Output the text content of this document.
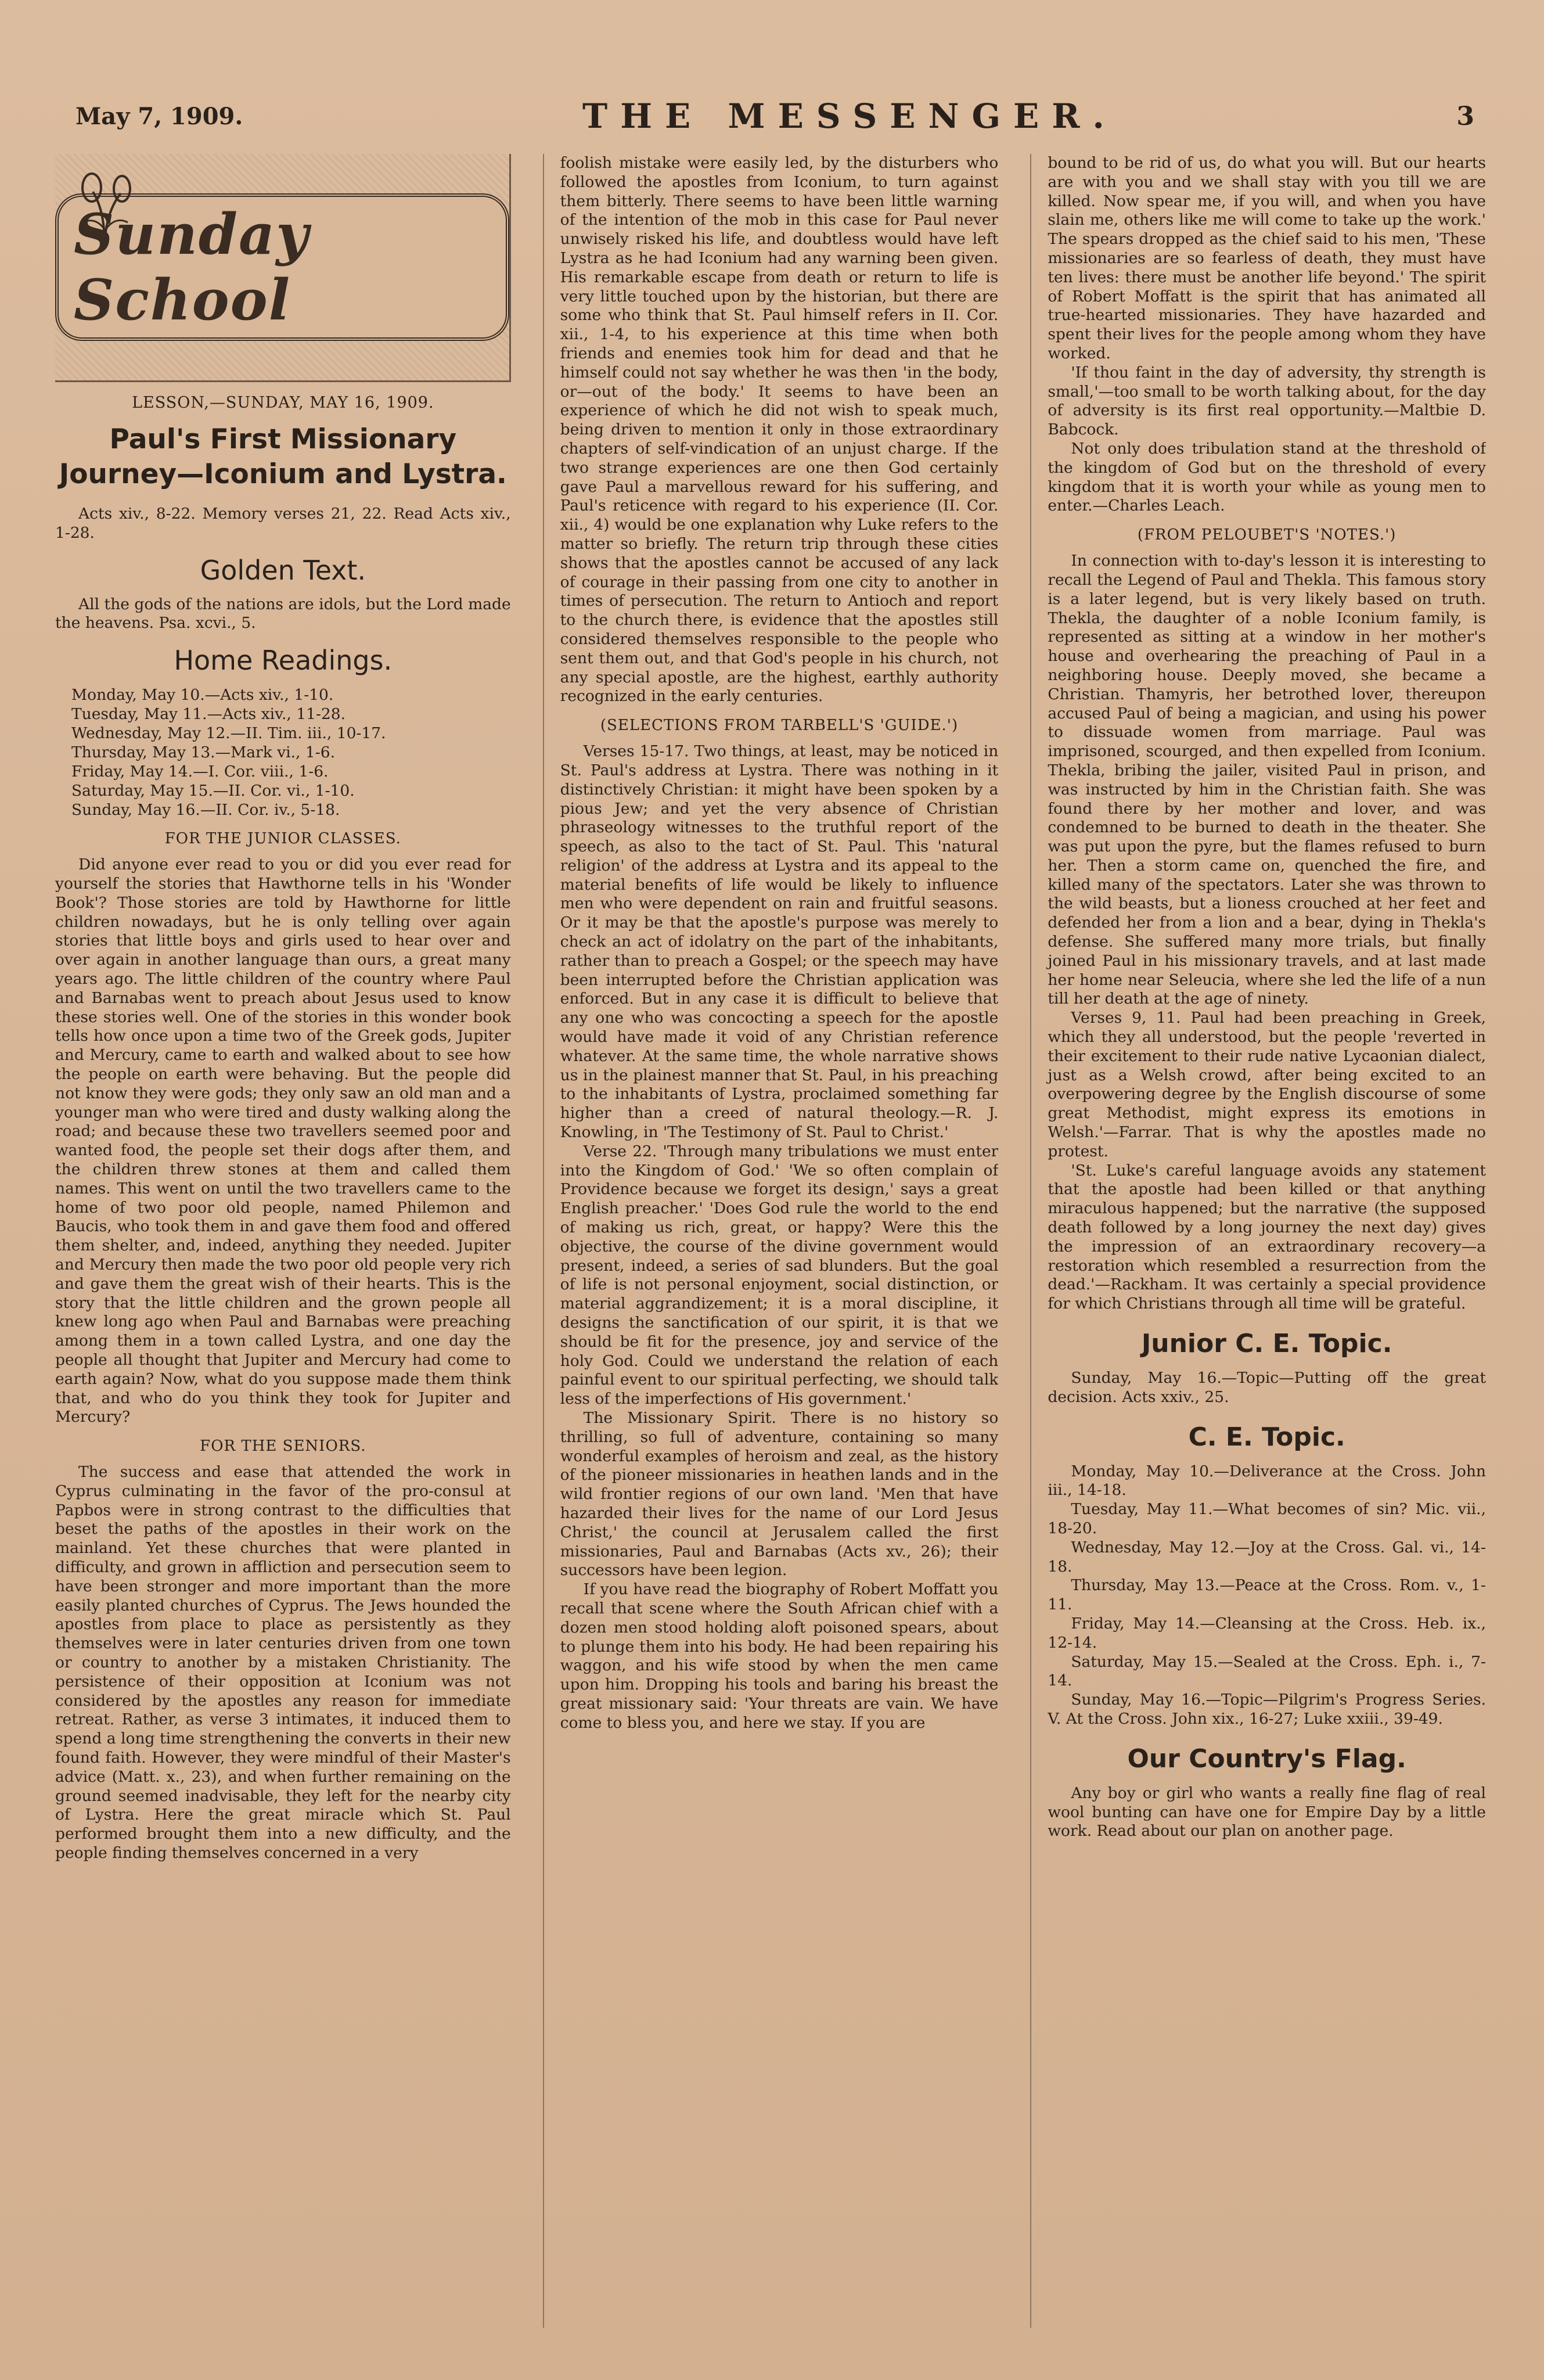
May 7, 1909.	THE MESSENGER.	3
Sunday School
LESSON,—SUNDAY, MAY 16, 1909.
Paul's First Missionary Journey—Iconium and Lystra.

Acts xiv., 8-22. Memory verses 21, 22. Read Acts xiv., 1-28.

Golden Text.

All the gods of the nations are idols, but the Lord made the heavens. Psa. xcvi., 5.

Home Readings.
Monday, May 10.—Acts xiv., 1-10.
Tuesday, May 11.—Acts xiv., 11-28.
Wednesday, May 12.—II. Tim. iii., 10-17.
Thursday, May 13.—Mark vi., 1-6.
Friday, May 14.—I. Cor. viii., 1-6.
Saturday, May 15.—II. Cor. vi., 1-10.
Sunday, May 16.—II. Cor. iv., 5-18.
FOR THE JUNIOR CLASSES.

Did anyone ever read to you or did you ever read for yourself the stories that Hawthorne tells in his 'Wonder Book'? Those stories are told by Hawthorne for little children nowadays, but he is only telling over again stories that little boys and girls used to hear over and over again in another language than ours, a great many years ago. The little children of the country where Paul and Barnabas went to preach about Jesus used to know these stories well. One of the stories in this wonder book tells how once upon a time two of the Greek gods, Jupiter and Mercury, came to earth and walked about to see how the people on earth were behaving. But the people did not know they were gods; they only saw an old man and a younger man who were tired and dusty walking along the road; and because these two travellers seemed poor and wanted food, the people set their dogs after them, and the children threw stones at them and called them names. This went on until the two travellers came to the home of two poor old people, named Philemon and Baucis, who took them in and gave them food and offered them shelter, and, indeed, anything they needed. Jupiter and Mercury then made the two poor old people very rich and gave them the great wish of their hearts. This is the story that the little children and the grown people all knew long ago when Paul and Barnabas were preaching among them in a town called Lystra, and one day the people all thought that Jupiter and Mercury had come to earth again? Now, what do you suppose made them think that, and who do you think they took for Jupiter and Mercury?

FOR THE SENIORS.

The success and ease that attended the work in Cyprus culminating in the favor of the pro-consul at Papbos were in strong contrast to the difficulties that beset the paths of the apostles in their work on the mainland. Yet these churches that were planted in difficulty, and grown in affliction and persecution seem to have been stronger and more important than the more easily planted churches of Cyprus. The Jews hounded the apostles from place to place as persistently as they themselves were in later centuries driven from one town or country to another by a mistaken Christianity. The persistence of their opposition at Iconium was not considered by the apostles any reason for immediate retreat. Rather, as verse 3 intimates, it induced them to spend a long time strengthening the converts in their new found faith. However, they were mindful of their Master's advice (Matt. x., 23), and when further remaining on the ground seemed inadvisable, they left for the nearby city of Lystra. Here the great miracle which St. Paul performed brought them into a new difficulty, and the people finding themselves concerned in a very

foolish mistake were easily led, by the disturbers who followed the apostles from Iconium, to turn against them bitterly. There seems to have been little warning of the intention of the mob in this case for Paul never unwisely risked his life, and doubtless would have left Lystra as he had Iconium had any warning been given. His remarkable escape from death or return to life is very little touched upon by the historian, but there are some who think that St. Paul himself refers in II. Cor. xii., 1-4, to his experience at this time when both friends and enemies took him for dead and that he himself could not say whether he was then 'in the body, or—out of the body.' It seems to have been an experience of which he did not wish to speak much, being driven to mention it only in those extraordinary chapters of self-vindication of an unjust charge. If the two strange experiences are one then God certainly gave Paul a marvellous reward for his suffering, and Paul's reticence with regard to his experience (II. Cor. xii., 4) would be one explanation why Luke refers to the matter so briefly. The return trip through these cities shows that the apostles cannot be accused of any lack of courage in their passing from one city to another in times of persecution. The return to Antioch and report to the church there, is evidence that the apostles still considered themselves responsible to the people who sent them out, and that God's people in his church, not any special apostle, are the highest, earthly authority recognized in the early centuries.

(SELECTIONS FROM TARBELL'S 'GUIDE.')

Verses 15-17. Two things, at least, may be noticed in St. Paul's address at Lystra. There was nothing in it distinctively Christian: it might have been spoken by a pious Jew; and yet the very absence of Christian phraseology witnesses to the truthful report of the speech, as also to the tact of St. Paul. This 'natural religion' of the address at Lystra and its appeal to the material benefits of life would be likely to influence men who were dependent on rain and fruitful seasons. Or it may be that the apostle's purpose was merely to check an act of idolatry on the part of the inhabitants, rather than to preach a Gospel; or the speech may have been interrupted before the Christian application was enforced. But in any case it is difficult to believe that any one who was concocting a speech for the apostle would have made it void of any Christian reference whatever. At the same time, the whole narrative shows us in the plainest manner that St. Paul, in his preaching to the inhabitants of Lystra, proclaimed something far higher than a creed of natural theology.—R. J. Knowling, in 'The Testimony of St. Paul to Christ.'

Verse 22. 'Through many tribulations we must enter into the Kingdom of God.' 'We so often complain of Providence because we forget its design,' says a great English preacher.' 'Does God rule the world to the end of making us rich, great, or happy? Were this the objective, the course of the divine government would present, indeed, a series of sad blunders. But the goal of life is not personal enjoyment, social distinction, or material aggrandizement; it is a moral discipline, it designs the sanctification of our spirit, it is that we should be fit for the presence, joy and service of the holy God. Could we understand the relation of each painful event to our spiritual perfecting, we should talk less of the imperfections of His government.'

The Missionary Spirit. There is no history so thrilling, so full of adventure, containing so many wonderful examples of heroism and zeal, as the history of the pioneer missionaries in heathen lands and in the wild frontier regions of our own land. 'Men that have hazarded their lives for the name of our Lord Jesus Christ,' the council at Jerusalem called the first missionaries, Paul and Barnabas (Acts xv., 26); their successors have been legion.

If you have read the biography of Robert Moffatt you recall that scene where the South African chief with a dozen men stood holding aloft poisoned spears, about to plunge them into his body. He had been repairing his waggon, and his wife stood by when the men came upon him. Dropping his tools and baring his breast the great missionary said: 'Your threats are vain. We have come to bless you, and here we stay. If you are

bound to be rid of us, do what you will. But our hearts are with you and we shall stay with you till we are killed. Now spear me, if you will, and when you have slain me, others like me will come to take up the work.' The spears dropped as the chief said to his men, 'These missionaries are so fearless of death, they must have ten lives: there must be another life beyond.' The spirit of Robert Moffatt is the spirit that has animated all true-hearted missionaries. They have hazarded and spent their lives for the people among whom they have worked.

'If thou faint in the day of adversity, thy strength is small,'—too small to be worth talking about, for the day of adversity is its first real opportunity.—Maltbie D. Babcock.

Not only does tribulation stand at the threshold of the kingdom of God but on the threshold of every kingdom that it is worth your while as young men to enter.—Charles Leach.

(FROM PELOUBET'S 'NOTES.')

In connection with to-day's lesson it is interesting to recall the Legend of Paul and Thekla. This famous story is a later legend, but is very likely based on truth. Thekla, the daughter of a noble Iconium family, is represented as sitting at a window in her mother's house and overhearing the preaching of Paul in a neighboring house. Deeply moved, she became a Christian. Thamyris, her betrothed lover, thereupon accused Paul of being a magician, and using his power to dissuade women from marriage. Paul was imprisoned, scourged, and then expelled from Iconium. Thekla, bribing the jailer, visited Paul in prison, and was instructed by him in the Christian faith. She was found there by her mother and lover, and was condemned to be burned to death in the theater. She was put upon the pyre, but the flames refused to burn her. Then a storm came on, quenched the fire, and killed many of the spectators. Later she was thrown to the wild beasts, but a lioness crouched at her feet and defended her from a lion and a bear, dying in Thekla's defense. She suffered many more trials, but finally joined Paul in his missionary travels, and at last made her home near Seleucia, where she led the life of a nun till her death at the age of ninety.

Verses 9, 11. Paul had been preaching in Greek, which they all understood, but the people 'reverted in their excitement to their rude native Lycaonian dialect, just as a Welsh crowd, after being excited to an overpowering degree by the English discourse of some great Methodist, might express its emotions in Welsh.'—Farrar. That is why the apostles made no protest.

'St. Luke's careful language avoids any statement that the apostle had been killed or that anything miraculous happened; but the narrative (the supposed death followed by a long journey the next day) gives the impression of an extraordinary recovery—a restoration which resembled a resurrection from the dead.'—Rackham. It was certainly a special providence for which Christians through all time will be grateful.

Junior C. E. Topic.

Sunday, May 16.—Topic—Putting off the great decision. Acts xxiv., 25.

C. E. Topic.

Monday, May 10.—Deliverance at the Cross. John iii., 14-18.

Tuesday, May 11.—What becomes of sin? Mic. vii., 18-20.

Wednesday, May 12.—Joy at the Cross. Gal. vi., 14-18.

Thursday, May 13.—Peace at the Cross. Rom. v., 1-11.

Friday, May 14.—Cleansing at the Cross. Heb. ix., 12-14.

Saturday, May 15.—Sealed at the Cross. Eph. i., 7-14.

Sunday, May 16.—Topic—Pilgrim's Progress Series. V. At the Cross. John xix., 16-27; Luke xxiii., 39-49.

Our Country's Flag.

Any boy or girl who wants a really fine flag of real wool bunting can have one for Empire Day by a little work. Read about our plan on another page.
